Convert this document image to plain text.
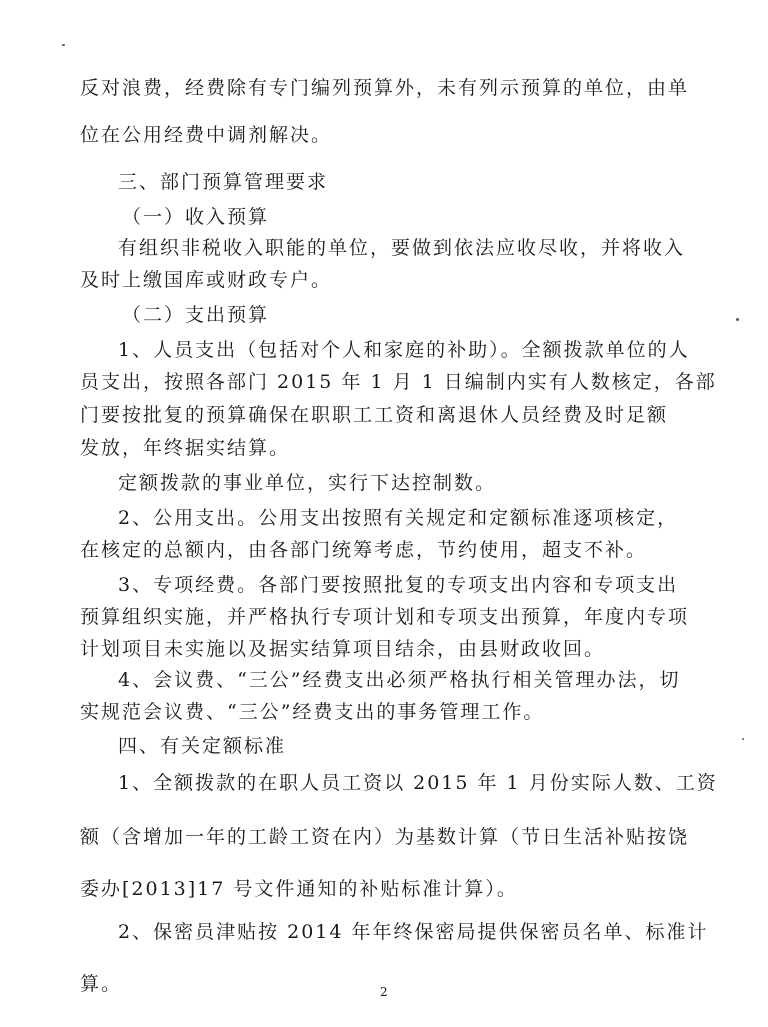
反对浪费，经费除有专门编列预算外，未有列示预算的单位，由单
位在公用经费中调剂解决。
三、部门预算管理要求
（一）收入预算
有组织非税收入职能的单位，要做到依法应收尽收，并将收入
及时上缴国库或财政专户。
（二）支出预算
1、人员支出（包括对个人和家庭的补助）。全额拨款单位的人
员支出，按照各部门 2015 年 1 月 1 日编制内实有人数核定，各部
门要按批复的预算确保在职职工工资和离退休人员经费及时足额
发放，年终据实结算。
定额拨款的事业单位，实行下达控制数。
2、公用支出。公用支出按照有关规定和定额标准逐项核定，
在核定的总额内，由各部门统筹考虑，节约使用，超支不补。
3、专项经费。各部门要按照批复的专项支出内容和专项支出
预算组织实施，并严格执行专项计划和专项支出预算，年度内专项
计划项目未实施以及据实结算项目结余，由县财政收回。
4、会议费、“三公”经费支出必须严格执行相关管理办法，切
实规范会议费、“三公”经费支出的事务管理工作。
四、有关定额标准
1、全额拨款的在职人员工资以 2015 年 1 月份实际人数、工资
额（含增加一年的工龄工资在内）为基数计算（节日生活补贴按饶
委办[2013]17 号文件通知的补贴标准计算）。
2、保密员津贴按 2014 年年终保密局提供保密员名单、标准计
算。	2
